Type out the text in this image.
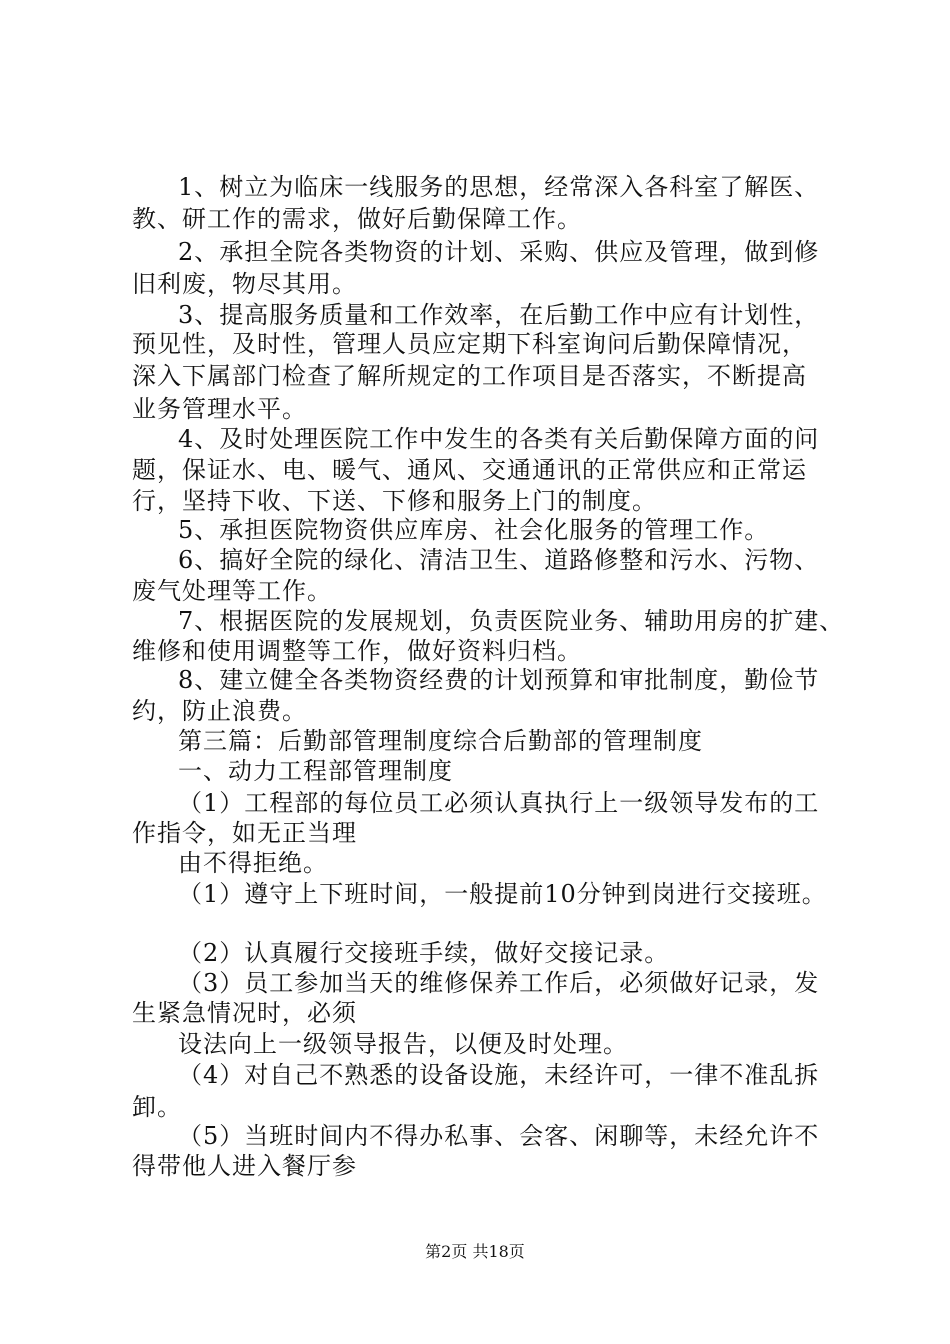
1、树立为临床一线服务的思想，经常深入各科室了解医、
教、研工作的需求，做好后勤保障工作。
2、承担全院各类物资的计划、采购、供应及管理，做到修
旧利废，物尽其用。
3、提高服务质量和工作效率，在后勤工作中应有计划性，
预见性，及时性，管理人员应定期下科室询问后勤保障情况，
深入下属部门检查了解所规定的工作项目是否落实，不断提高
业务管理水平。
4、及时处理医院工作中发生的各类有关后勤保障方面的问
题，保证水、电、暖气、通风、交通通讯的正常供应和正常运
行，坚持下收、下送、下修和服务上门的制度。
5、承担医院物资供应库房、社会化服务的管理工作。
6、搞好全院的绿化、清洁卫生、道路修整和污水、污物、
废气处理等工作。
7、根据医院的发展规划，负责医院业务、辅助用房的扩建、
维修和使用调整等工作，做好资料归档。
8、建立健全各类物资经费的计划预算和审批制度，勤俭节
约，防止浪费。
第三篇：后勤部管理制度综合后勤部的管理制度
一、动力工程部管理制度
（1）工程部的每位员工必须认真执行上一级领导发布的工
作指令，如无正当理
由不得拒绝。
（1）遵守上下班时间，一般提前10分钟到岗进行交接班。
（2）认真履行交接班手续，做好交接记录。
（3）员工参加当天的维修保养工作后，必须做好记录，发
生紧急情况时，必须
设法向上一级领导报告，以便及时处理。
（4）对自己不熟悉的设备设施，未经许可，一律不准乱拆
卸。
（5）当班时间内不得办私事、会客、闲聊等，未经允许不
得带他人进入餐厅参
第2页 共18页
